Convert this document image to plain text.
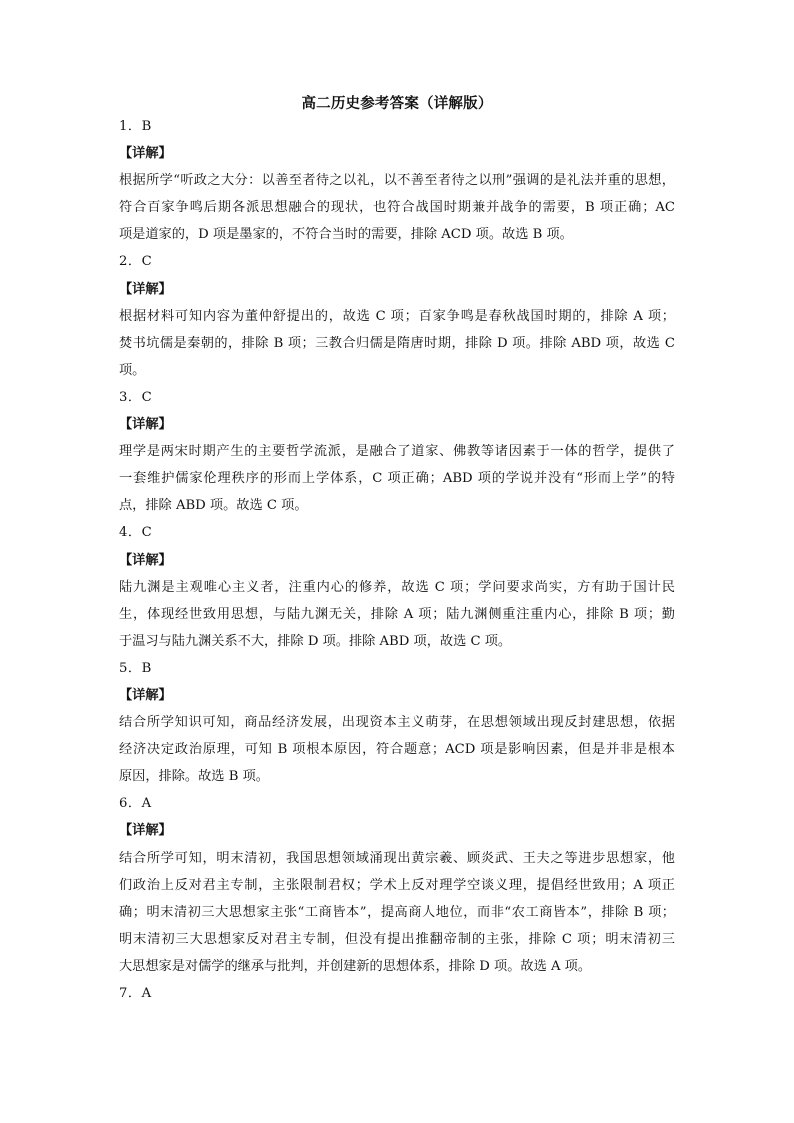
高二历史参考答案（详解版）
1．B
【详解】
根据所学“听政之大分：以善至者待之以礼，以不善至者待之以刑”强调的是礼法并重的思想，
符合百家争鸣后期各派思想融合的现状，也符合战国时期兼并战争的需要，B 项正确；AC
项是道家的，D 项是墨家的，不符合当时的需要，排除 ACD 项。故选 B 项。
2．C
【详解】
根据材料可知内容为董仲舒提出的，故选 C 项；百家争鸣是春秋战国时期的，排除 A 项；
焚书坑儒是秦朝的，排除 B 项；三教合归儒是隋唐时期，排除 D 项。排除 ABD 项，故选 C
项。
3．C
【详解】
理学是两宋时期产生的主要哲学流派，是融合了道家、佛教等诸因素于一体的哲学，提供了
一套维护儒家伦理秩序的形而上学体系，C 项正确；ABD 项的学说并没有“形而上学”的特
点，排除 ABD 项。故选 C 项。
4．C
【详解】
陆九渊是主观唯心主义者，注重内心的修养，故选 C 项；学问要求尚实，方有助于国计民
生，体现经世致用思想，与陆九渊无关，排除 A 项；陆九渊侧重注重内心，排除 B 项；勤
于温习与陆九渊关系不大，排除 D 项。排除 ABD 项，故选 C 项。
5．B
【详解】
结合所学知识可知，商品经济发展，出现资本主义萌芽，在思想领域出现反封建思想，依据
经济决定政治原理，可知 B 项根本原因，符合题意；ACD 项是影响因素，但是并非是根本
原因，排除。故选 B 项。
6．A
【详解】
结合所学可知，明末清初，我国思想领域涌现出黄宗羲、顾炎武、王夫之等进步思想家，他
们政治上反对君主专制，主张限制君权；学术上反对理学空谈义理，提倡经世致用；A 项正
确；明末清初三大思想家主张“工商皆本”，提高商人地位，而非“农工商皆本”，排除 B 项；
明末清初三大思想家反对君主专制，但没有提出推翻帝制的主张，排除 C 项；明末清初三
大思想家是对儒学的继承与批判，并创建新的思想体系，排除 D 项。故选 A 项。
7．A
